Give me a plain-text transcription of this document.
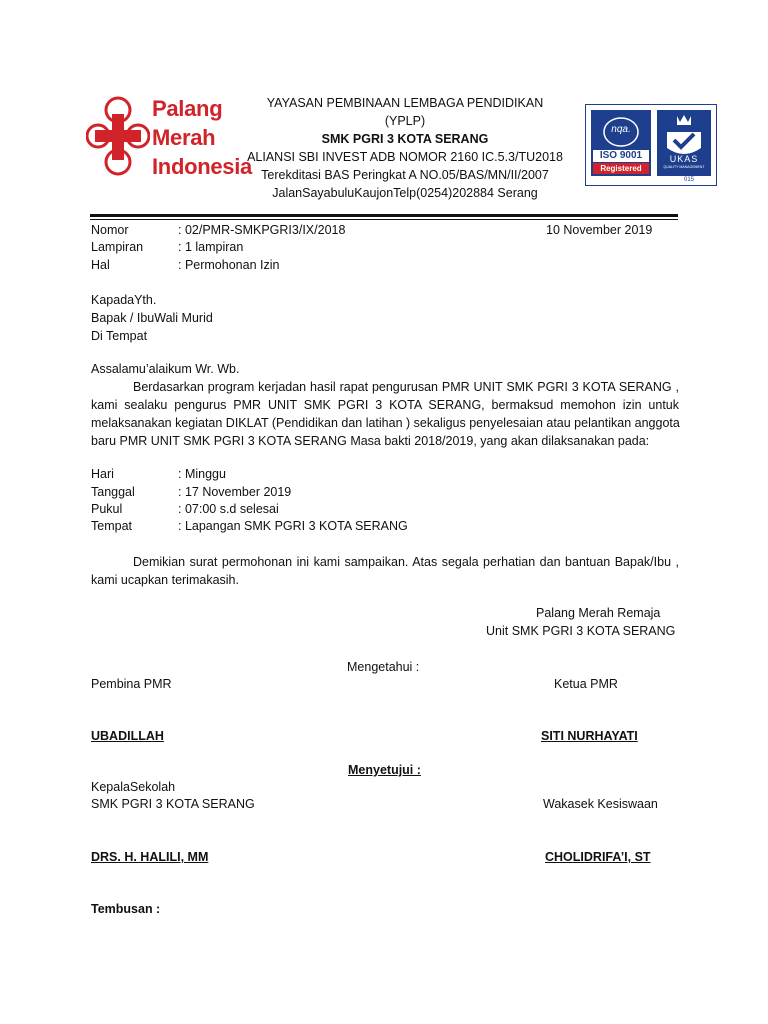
Palang
Merah
Indonesia
YAYASAN PEMBINAAN LEMBAGA PENDIDIKAN
(YPLP)
SMK PGRI 3 KOTA SERANG
ALIANSI SBI INVEST ADB NOMOR 2160 IC.5.3/TU2018
Terekditasi BAS Peringkat A NO.05/BAS/MN/II/2007
JalanSayabuluKaujonTelp(0254)202884 Serang
nqa.
ISO 9001
Registered
UKAS
QUALITY MANAGEMENT
015
Nomor	: 02/PMR-SMKPGRI3/IX/2018	10 November 2019
Lampiran	: 1 lampiran
Hal	: Permohonan Izin
KapadaYth.
Bapak / IbuWali Murid
Di Tempat
Assalamu’alaikum Wr. Wb.
Berdasarkan program kerjadan hasil rapat pengurusan PMR UNIT SMK PGRI 3 KOTA SERANG ,
kami sealaku pengurus PMR UNIT SMK PGRI 3 KOTA SERANG, bermaksud memohon izin untuk
melaksanakan kegiatan DIKLAT (Pendidikan dan latihan ) sekaligus penyelesaian atau pelantikan anggota
baru PMR UNIT SMK PGRI 3 KOTA SERANG Masa bakti 2018/2019, yang akan dilaksanakan pada:
Hari	: Minggu
Tanggal	: 17 November 2019
Pukul	: 07:00 s.d selesai
Tempat	: Lapangan SMK PGRI 3 KOTA SERANG
Demikian surat permohonan ini kami sampaikan. Atas segala perhatian dan bantuan Bapak/Ibu ,
kami ucapkan terimakasih.
Palang Merah Remaja
Unit SMK PGRI 3 KOTA SERANG
Mengetahui :
Pembina PMR	Ketua PMR
UBADILLAH	SITI NURHAYATI
Menyetujui :
KepalaSekolah
SMK PGRI 3 KOTA SERANG	Wakasek Kesiswaan
DRS. H. HALILI, MM	CHOLIDRIFA’I, ST
Tembusan :
